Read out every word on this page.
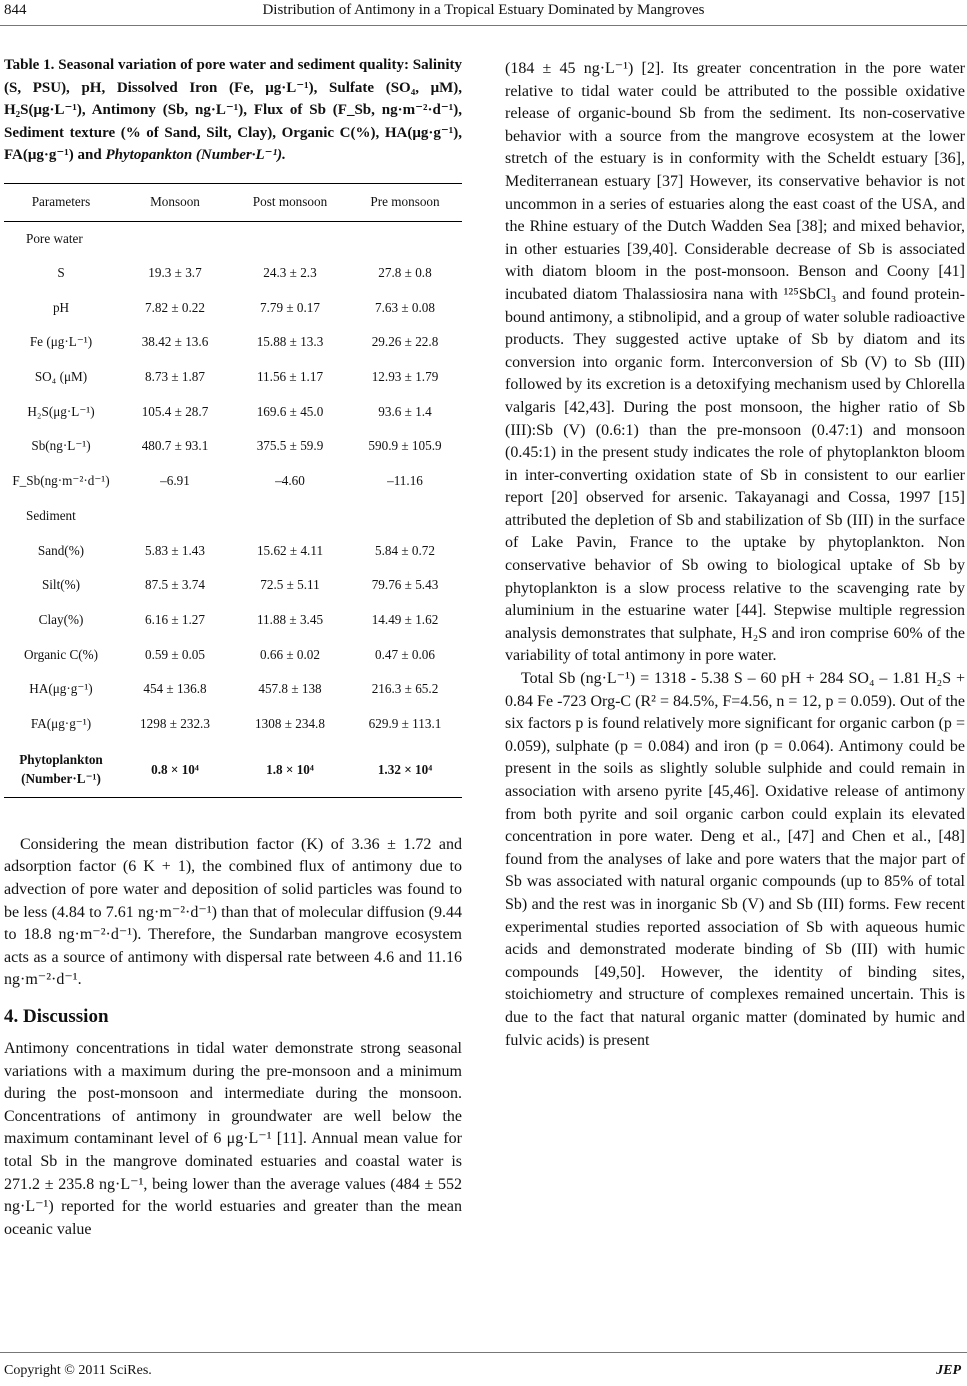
844	Distribution of Antimony in a Tropical Estuary Dominated by Mangroves
Table 1. Seasonal variation of pore water and sediment quality: Salinity (S, PSU), pH, Dissolved Iron (Fe, μg·L⁻¹), Sulfate (SO₄, μM), H₂S(μg·L⁻¹), Antimony (Sb, ng·L⁻¹), Flux of Sb (F_Sb, ng·m⁻²·d⁻¹), Sediment texture (% of Sand, Silt, Clay), Organic C(%), HA(μg·g⁻¹), FA(μg·g⁻¹) and Phytopankton (Number·L⁻¹).
Parameters	Monsoon	Post monsoon	Pre monsoon
Pore water			
S	19.3 ± 3.7	24.3 ± 2.3	27.8 ± 0.8
pH	7.82 ± 0.22	7.79 ± 0.17	7.63 ± 0.08
Fe (μg·L⁻¹)	38.42 ± 13.6	15.88 ± 13.3	29.26 ± 22.8
SO₄ (μM)	8.73 ± 1.87	11.56 ± 1.17	12.93 ± 1.79
H₂S(μg·L⁻¹)	105.4 ± 28.7	169.6 ± 45.0	93.6 ± 1.4
Sb(ng·L⁻¹)	480.7 ± 93.1	375.5 ± 59.9	590.9 ± 105.9
F_Sb(ng·m⁻²·d⁻¹)	–6.91	–4.60	–11.16
Sediment			
Sand(%)	5.83 ± 1.43	15.62 ± 4.11	5.84 ± 0.72
Silt(%)	87.5 ± 3.74	72.5 ± 5.11	79.76 ± 5.43
Clay(%)	6.16 ± 1.27	11.88 ± 3.45	14.49 ± 1.62
Organic C(%)	0.59 ± 0.05	0.66 ± 0.02	0.47 ± 0.06
HA(μg·g⁻¹)	454 ± 136.8	457.8 ± 138	216.3 ± 65.2
FA(μg·g⁻¹)	1298 ± 232.3	1308 ± 234.8	629.9 ± 113.1

Phytoplankton
(Number·L⁻¹)	0.8 × 10⁴	1.8 × 10⁴	1.32 × 10⁴

Considering the mean distribution factor (K) of 3.36 ± 1.72 and adsorption factor (6 K + 1), the combined flux of antimony due to advection of pore water and deposition of solid particles was found to be less (4.84 to 7.61 ng·m⁻²·d⁻¹) than that of molecular diffusion (9.44 to 18.8 ng·m⁻²·d⁻¹). Therefore, the Sundarban mangrove ecosystem acts as a source of antimony with dispersal rate between 4.6 and 11.16 ng·m⁻²·d⁻¹.

4. Discussion

Antimony concentrations in tidal water demonstrate strong seasonal variations with a maximum during the pre-monsoon and a minimum during the post-monsoon and intermediate during the monsoon. Concentrations of antimony in groundwater are well below the maximum contaminant level of 6 μg·L⁻¹ [11]. Annual mean value for total Sb in the mangrove dominated estuaries and coastal water is 271.2 ± 235.8 ng·L⁻¹, being lower than the average values (484 ± 552 ng·L⁻¹) reported for the world estuaries and greater than the mean oceanic value

(184 ± 45 ng·L⁻¹) [2]. Its greater concentration in the pore water relative to tidal water could be attributed to the possible oxidative release of organic-bound Sb from the sediment. Its non-coservative behavior with a source from the mangrove ecosystem at the lower stretch of the estuary is in conformity with the Scheldt estuary [36], Mediterranean estuary [37] However, its conservative behavior is not uncommon in a series of estuaries along the east coast of the USA, and the Rhine estuary of the Dutch Wadden Sea [38]; and mixed behavior, in other estuaries [39,40]. Considerable decrease of Sb is associated with diatom bloom in the post-monsoon. Benson and Coony [41] incubated diatom Thalassiosira nana with ¹²⁵SbCl₃ and found protein-bound antimony, a stibnolipid, and a group of water soluble radioactive products. They suggested active uptake of Sb by diatom and its conversion into organic form. Interconversion of Sb (V) to Sb (III) followed by its excretion is a detoxifying mechanism used by Chlorella valgaris [42,43]. During the post monsoon, the higher ratio of Sb (III):Sb (V) (0.6:1) than the pre-monsoon (0.47:1) and monsoon (0.45:1) in the present study indicates the role of phytoplankton bloom in inter-converting oxidation state of Sb in consistent to our earlier report [20] observed for arsenic. Takayanagi and Cossa, 1997 [15] attributed the depletion of Sb and stabilization of Sb (III) in the surface of Lake Pavin, France to the uptake by phytoplankton. Non conservative behavior of Sb owing to biological uptake of Sb by phytoplankton is a slow process relative to the scavenging rate by aluminium in the estuarine water [44]. Stepwise multiple regression analysis demonstrates that sulphate, H₂S and iron comprise 60% of the variability of total antimony in pore water.

Total Sb (ng·L⁻¹) = 1318 - 5.38 S – 60 pH + 284 SO₄ – 1.81 H₂S + 0.84 Fe -723 Org-C (R² = 84.5%, F=4.56, n = 12, p = 0.059). Out of the six factors p is found relatively more significant for organic carbon (p = 0.059), sulphate (p = 0.084) and iron (p = 0.064). Antimony could be present in the soils as slightly soluble sulphide and could remain in association with arseno pyrite [45,46]. Oxidative release of antimony from both pyrite and soil organic carbon could explain its elevated concentration in pore water. Deng et al., [47] and Chen et al., [48] found from the analyses of lake and pore waters that the major part of Sb was associated with natural organic compounds (up to 85% of total Sb) and the rest was in inorganic Sb (V) and Sb (III) forms. Few recent experimental studies reported association of Sb with aqueous humic acids and demonstrated moderate binding of Sb (III) with humic compounds [49,50]. However, the identity of binding sites, stoichiometry and structure of complexes remained uncertain. This is due to the fact that natural organic matter (dominated by humic and fulvic acids) is present

Copyright © 2011 SciRes.	JEP
